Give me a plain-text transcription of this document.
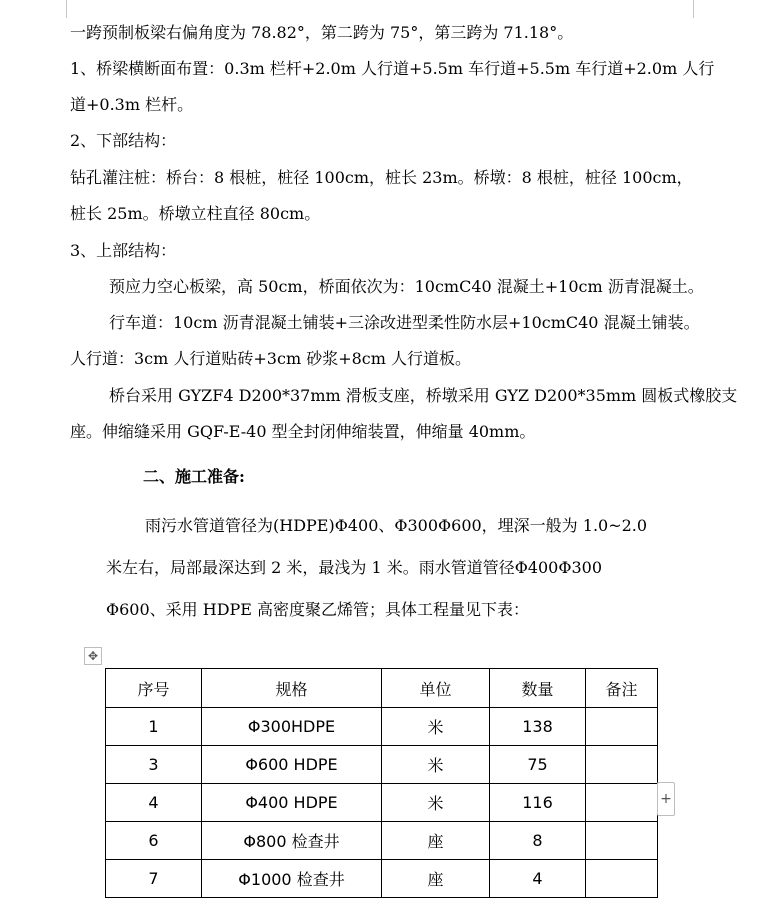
一跨预制板梁右偏角度为 78.82°，第二跨为 75°，第三跨为 71.18°。
1、桥梁横断面布置：0.3m 栏杆+2.0m 人行道+5.5m 车行道+5.5m 车行道+2.0m 人行
道+0.3m 栏杆。
2、下部结构：
钻孔灌注桩：桥台：8 根桩，桩径 100cm，桩长 23m。桥墩：8 根桩，桩径 100cm，
桩长 25m。桥墩立柱直径 80cm。
3、上部结构：
预应力空心板梁，高 50cm，桥面依次为：10cmC40 混凝土+10cm 沥青混凝土。
行车道：10cm 沥青混凝土铺装+三涂改进型柔性防水层+10cmC40 混凝土铺装。
人行道：3cm 人行道贴砖+3cm 砂浆+8cm 人行道板。
桥台采用 GYZF4 D200*37mm 滑板支座，桥墩采用 GYZ D200*35mm 圆板式橡胶支
座。伸缩缝采用 GQF-E-40 型全封闭伸缩装置，伸缩量 40mm。
二、施工准备:
雨污水管道管径为(HDPE)Φ400、Φ300Φ600，埋深一般为 1.0~2.0
米左右，局部最深达到 2 米，最浅为 1 米。雨水管道管径Φ400Φ300
Φ600、采用 HDPE 高密度聚乙烯管；具体工程量见下表：
✥
序号	规格	单位	数量	备注
1	Φ300HDPE	米	138	
3	Φ600 HDPE	米	75	
4	Φ400 HDPE	米	116	
6	Φ800 检查井	座	8	
7	Φ1000 检查井	座	4	
+
